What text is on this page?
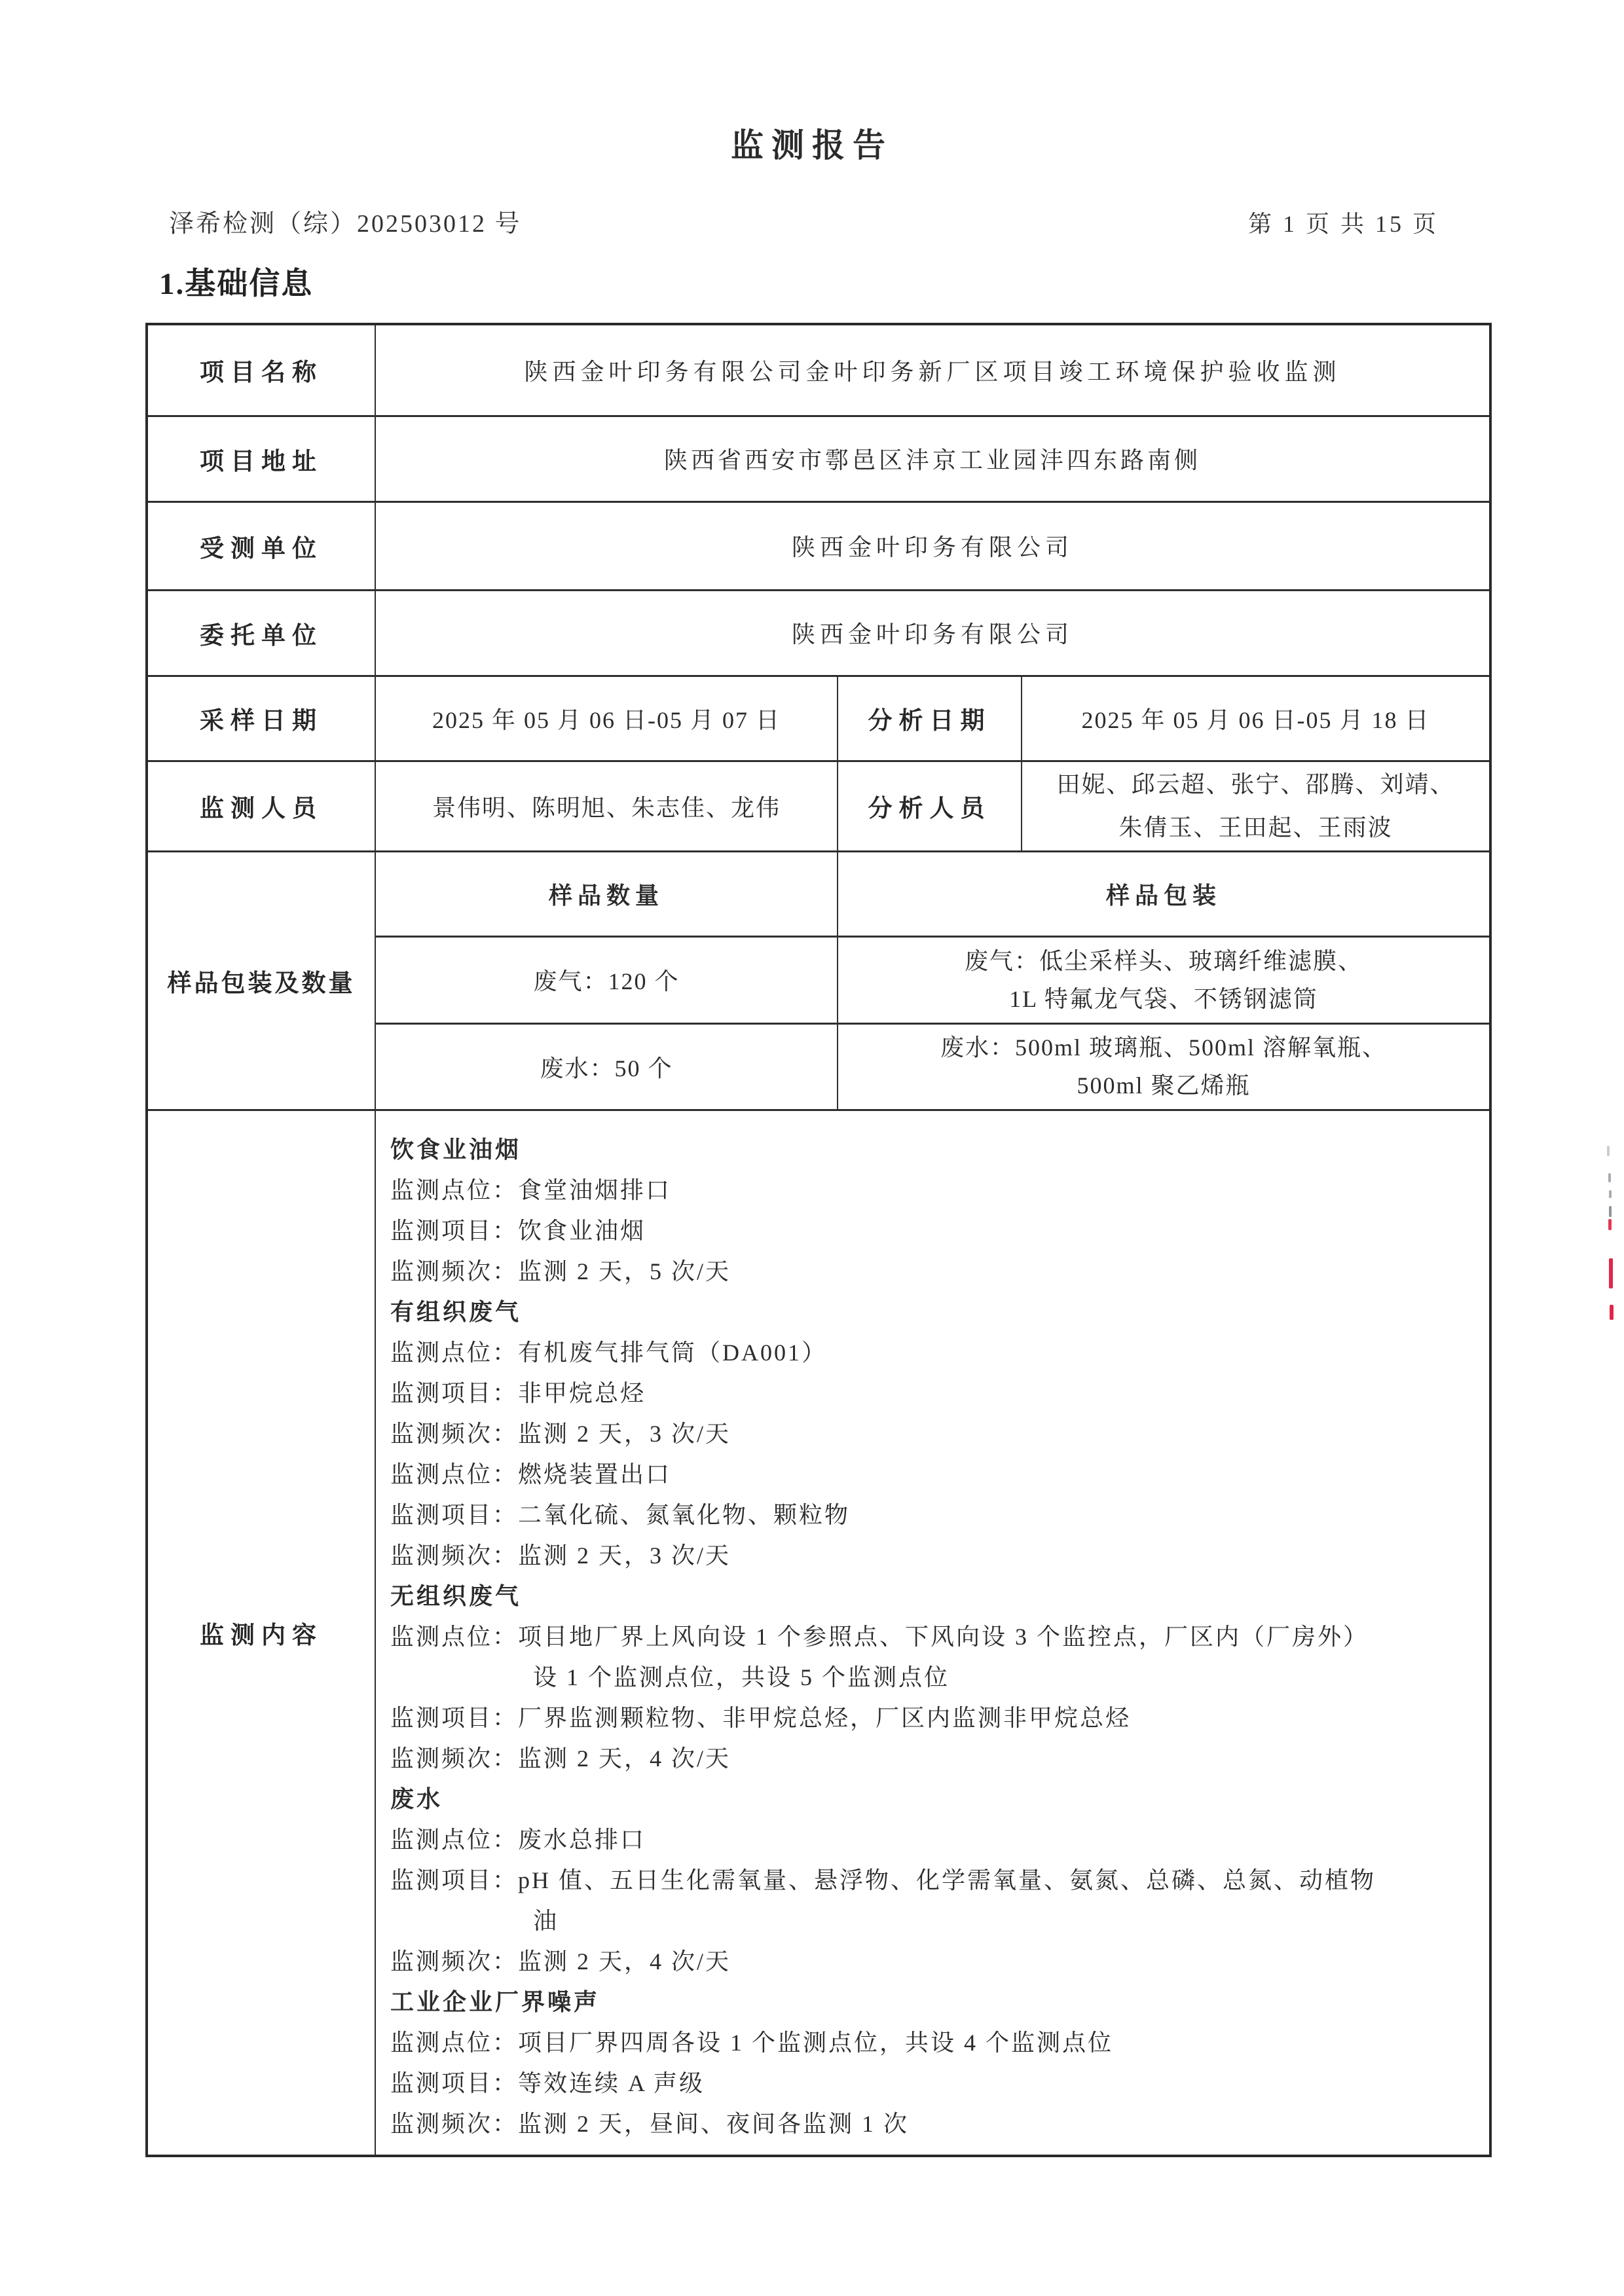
监测报告
泽希检测（综）202503012 号	第 1 页 共 15 页
1.基础信息
项目名称	陕西金叶印务有限公司金叶印务新厂区项目竣工环境保护验收监测		
项目地址	陕西省西安市鄠邑区沣京工业园沣四东路南侧		
受测单位	陕西金叶印务有限公司		
委托单位	陕西金叶印务有限公司		
采样日期	2025 年 05 月 06 日-05 月 07 日	分析日期	2025 年 05 月 06 日-05 月 18 日
监测人员	景伟明、陈明旭、朱志佳、龙伟	分析人员	田妮、邱云超、张宁、邵腾、刘靖、
朱倩玉、王田起、王雨波

样品包装及数量	样品数量	样品包装	
	废气：120 个	废气：低尘采样头、玻璃纤维滤膜、
1L 特氟龙气袋、不锈钢滤筒	

	废水：50 个	废水：500ml 玻璃瓶、500ml 溶解氧瓶、
500ml 聚乙烯瓶	

监测内容	
饮食业油烟
监测点位：食堂油烟排口
监测项目：饮食业油烟
监测频次：监测 2 天，5 次/天
有组织废气
监测点位：有机废气排气筒（DA001）
监测项目：非甲烷总烃
监测频次：监测 2 天，3 次/天
监测点位：燃烧装置出口
监测项目：二氧化硫、氮氧化物、颗粒物
监测频次：监测 2 天，3 次/天
无组织废气
监测点位：项目地厂界上风向设 1 个参照点、下风向设 3 个监控点，厂区内（厂房外）
设 1 个监测点位，共设 5 个监测点位
监测项目：厂界监测颗粒物、非甲烷总烃，厂区内监测非甲烷总烃
监测频次：监测 2 天，4 次/天
废水
监测点位：废水总排口
监测项目：pH 值、五日生化需氧量、悬浮物、化学需氧量、氨氮、总磷、总氮、动植物
油
监测频次：监测 2 天，4 次/天
工业企业厂界噪声
监测点位：项目厂界四周各设 1 个监测点位，共设 4 个监测点位
监测项目：等效连续 A 声级
监测频次：监测 2 天，昼间、夜间各监测 1 次
